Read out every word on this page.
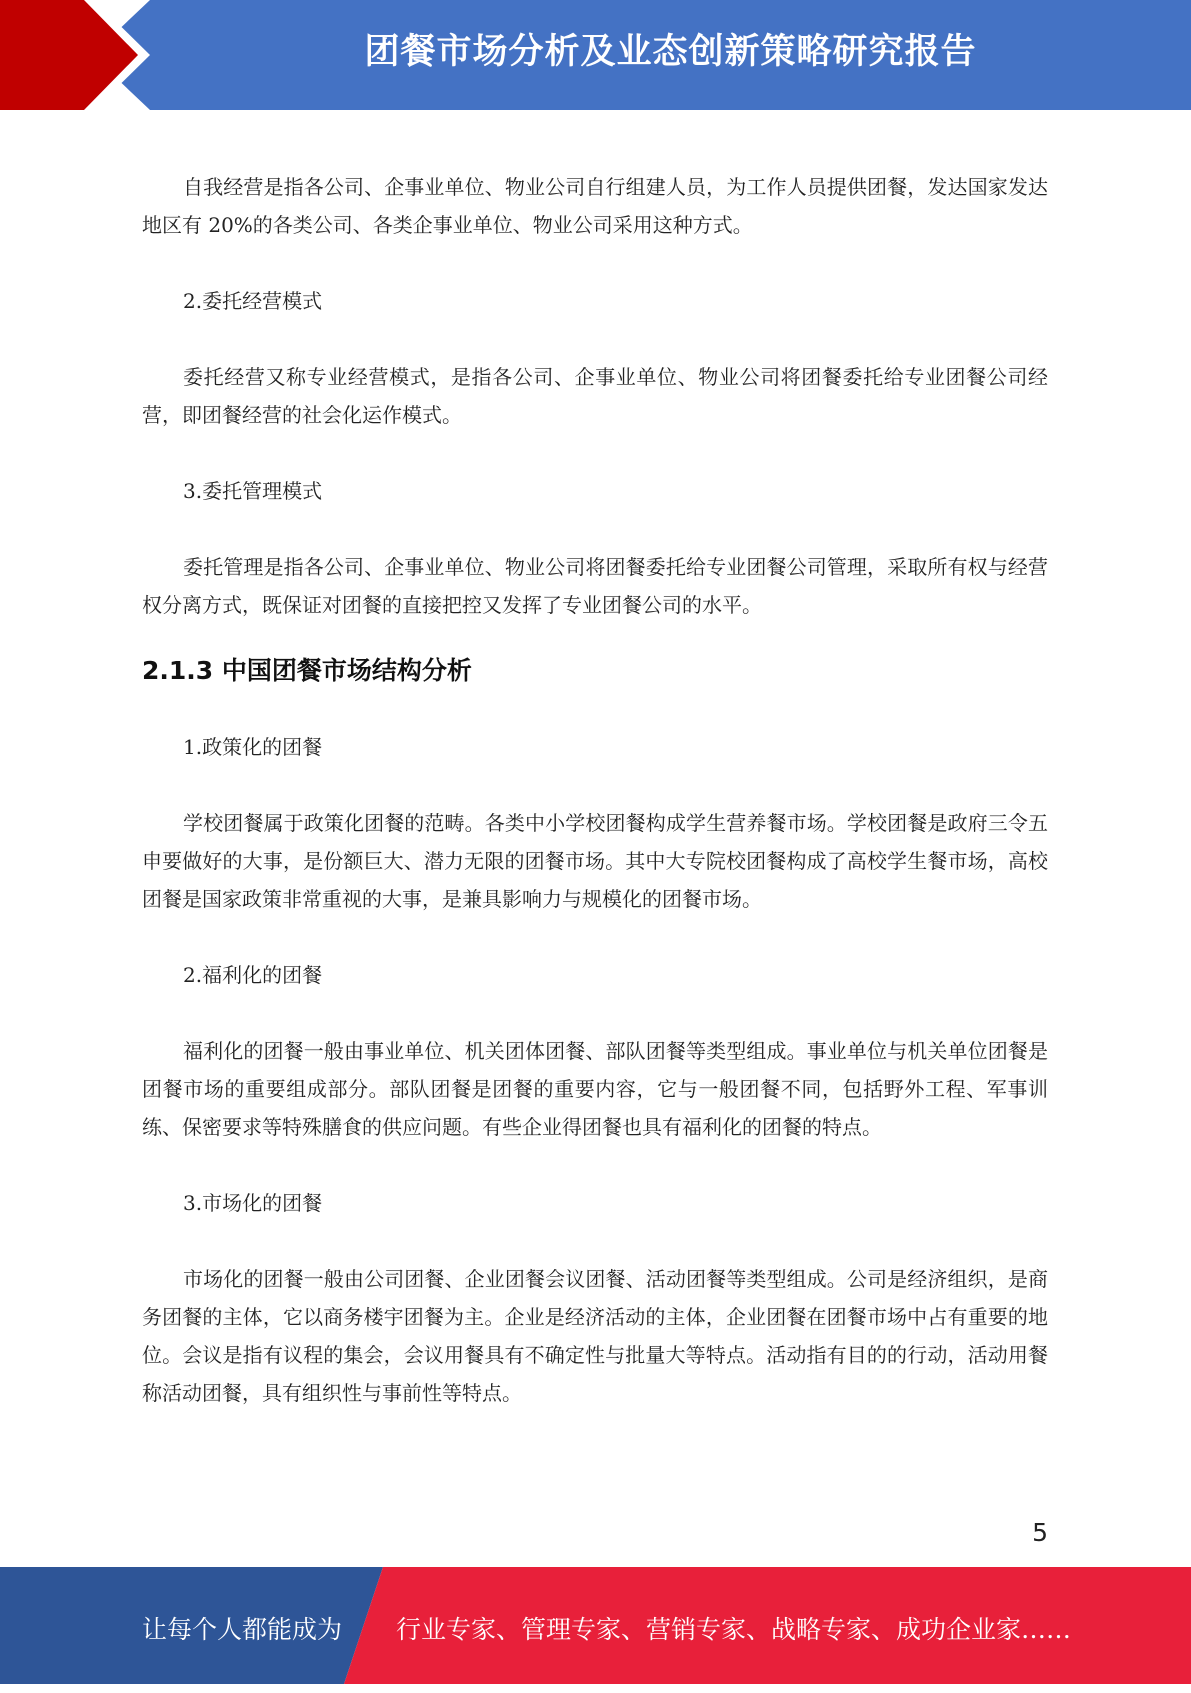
团餐市场分析及业态创新策略研究报告

自我经营是指各公司、企事业单位、物业公司自行组建人员，为工作人员提供团餐，发达国家发达地区有 20%的各类公司、各类企事业单位、物业公司采用这种方式。

2.委托经营模式

委托经营又称专业经营模式，是指各公司、企事业单位、物业公司将团餐委托给专业团餐公司经营，即团餐经营的社会化运作模式。

3.委托管理模式

委托管理是指各公司、企事业单位、物业公司将团餐委托给专业团餐公司管理，采取所有权与经营权分离方式，既保证对团餐的直接把控又发挥了专业团餐公司的水平。

2.1.3 中国团餐市场结构分析

1.政策化的团餐

学校团餐属于政策化团餐的范畴。各类中小学校团餐构成学生营养餐市场。学校团餐是政府三令五申要做好的大事，是份额巨大、潜力无限的团餐市场。其中大专院校团餐构成了高校学生餐市场，高校团餐是国家政策非常重视的大事，是兼具影响力与规模化的团餐市场。

2.福利化的团餐

福利化的团餐一般由事业单位、机关团体团餐、部队团餐等类型组成。事业单位与机关单位团餐是团餐市场的重要组成部分。部队团餐是团餐的重要内容，它与一般团餐不同，包括野外工程、军事训练、保密要求等特殊膳食的供应问题。有些企业得团餐也具有福利化的团餐的特点。

3.市场化的团餐

市场化的团餐一般由公司团餐、企业团餐会议团餐、活动团餐等类型组成。公司是经济组织，是商务团餐的主体，它以商务楼宇团餐为主。企业是经济活动的主体，企业团餐在团餐市场中占有重要的地位。会议是指有议程的集会，会议用餐具有不确定性与批量大等特点。活动指有目的的行动，活动用餐称活动团餐，具有组织性与事前性等特点。

5
让每个人都能成为 行业专家、管理专家、营销专家、战略专家、成功企业家……
